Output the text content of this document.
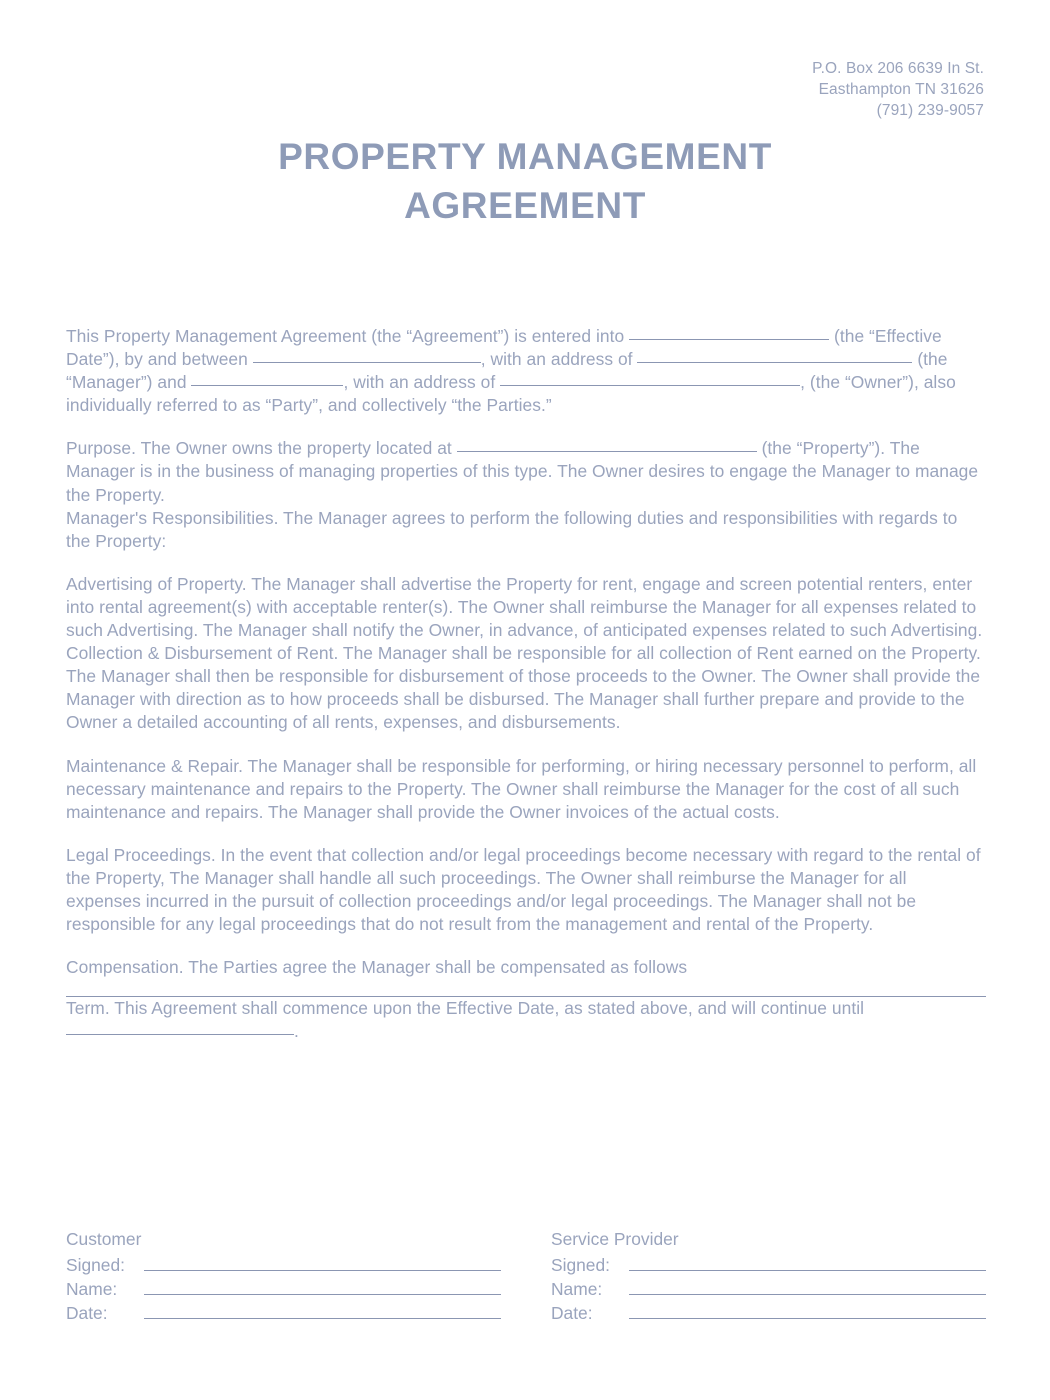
P.O. Box 206 6639 In St.
Easthampton TN 31626
(791) 239-9057
PROPERTY MANAGEMENT AGREEMENT

This Property Management Agreement (the “Agreement”) is entered into	(the “Effective Date”), by and between	, with an address of	(the “Manager”) and	, with an address of	, (the “Owner”), also individually referred to as “Party”, and collectively “the Parties.”

Purpose. The Owner owns the property located at	(the “Property”). The Manager is in the business of managing properties of this type. The Owner desires to engage the Manager to manage the Property.

Manager's Responsibilities. The Manager agrees to perform the following duties and responsibilities with regards to the Property:

Advertising of Property. The Manager shall advertise the Property for rent, engage and screen potential renters, enter into rental agreement(s) with acceptable renter(s). The Owner shall reimburse the Manager for all expenses related to such Advertising. The Manager shall notify the Owner, in advance, of anticipated expenses related to such Advertising.

Collection & Disbursement of Rent. The Manager shall be responsible for all collection of Rent earned on the Property. The Manager shall then be responsible for disbursement of those proceeds to the Owner. The Owner shall provide the Manager with direction as to how proceeds shall be disbursed. The Manager shall further prepare and provide to the Owner a detailed accounting of all rents, expenses, and disbursements.

Maintenance & Repair. The Manager shall be responsible for performing, or hiring necessary personnel to perform, all necessary maintenance and repairs to the Property. The Owner shall reimburse the Manager for the cost of all such maintenance and repairs. The Manager shall provide the Owner invoices of the actual costs.

Legal Proceedings. In the event that collection and/or legal proceedings become necessary with regard to the rental of the Property, The Manager shall handle all such proceedings. The Owner shall reimburse the Manager for all expenses incurred in the pursuit of collection proceedings and/or legal proceedings. The Manager shall not be responsible for any legal proceedings that do not result from the management and rental of the Property.

Compensation. The Parties agree the Manager shall be compensated as follows

Term. This Agreement shall commence upon the Effective Date, as stated above, and will continue until .

Customer
Signed:
Name:
Date:
Service Provider
Signed:
Name:
Date:
